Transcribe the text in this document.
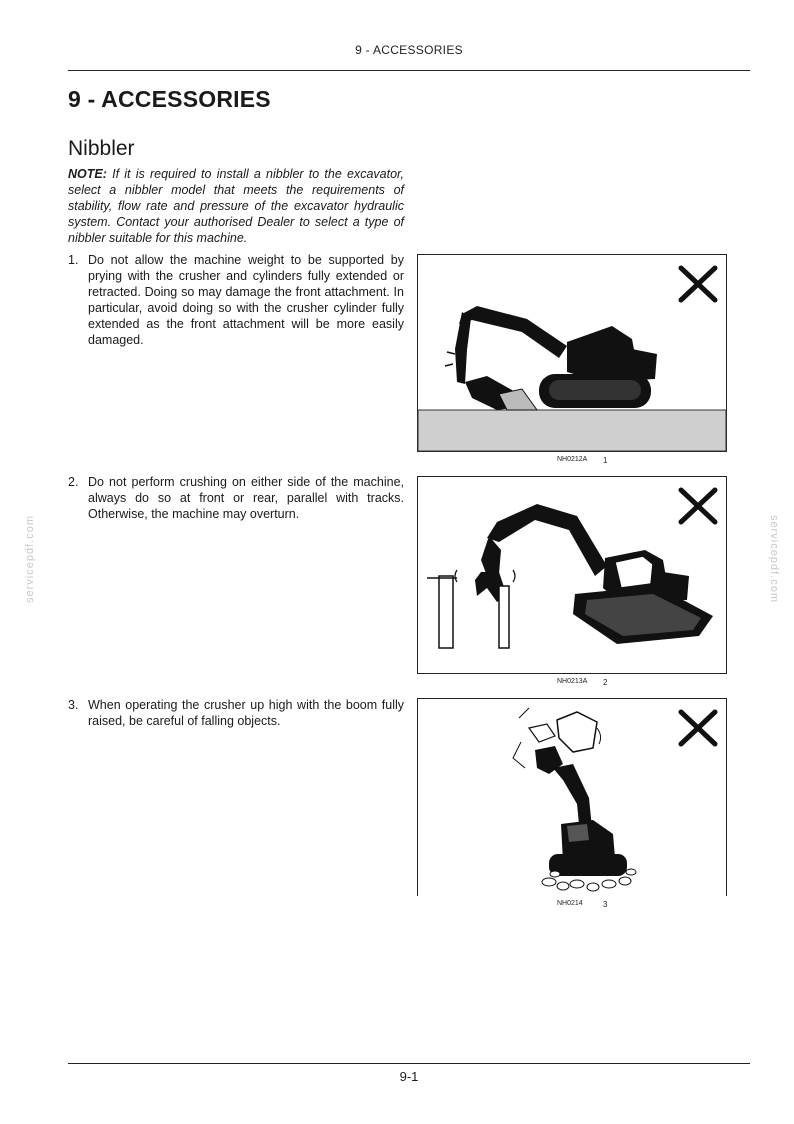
9 - ACCESSORIES
9 - ACCESSORIES
Nibbler
NOTE: If it is required to install a nibbler to the excavator, select a nibbler model that meets the requirements of stability, flow rate and pressure of the excavator hydraulic system. Contact your authorised Dealer to select a type of nibbler suitable for this machine.
1. Do not allow the machine weight to be supported by prying with the crusher and cylinders fully extended or retracted. Doing so may damage the front attachment. In particular, avoid doing so with the crusher cylinder fully extended as the front attachment will be more easily damaged.
2. Do not perform crushing on either side of the machine, always do so at front or rear, parallel with tracks. Otherwise, the machine may overturn.
3. When operating the crusher up high with the boom fully raised, be careful of falling objects.
NH0212A 1
NH0213A 2
NH0214	3
servicepdf.com	servicepdf.com
9-1
